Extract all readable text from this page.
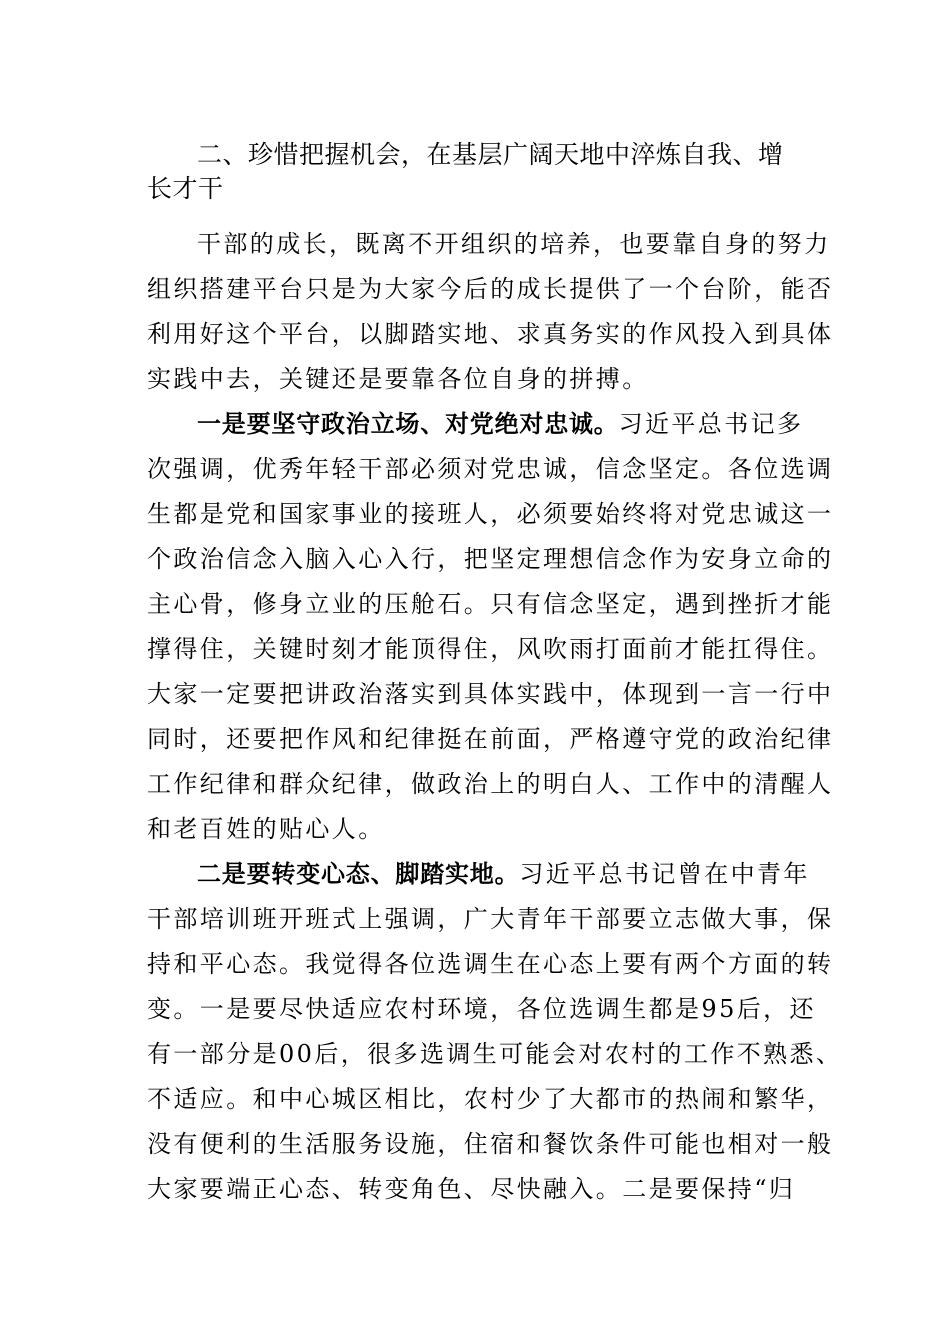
二、珍惜把握机会，在基层广阔天地中淬炼自我、增长才干

干部的成长，既离不开组织的培养，也要靠自身的努力

组织搭建平台只是为大家今后的成长提供了一个台阶，能否

利用好这个平台，以脚踏实地、求真务实的作风投入到具体

实践中去，关键还是要靠各位自身的拼搏。

一是要坚守政治立场、对党绝对忠诚。习近平总书记多

次强调，优秀年轻干部必须对党忠诚，信念坚定。各位选调

生都是党和国家事业的接班人，必须要始终将对党忠诚这一

个政治信念入脑入心入行，把坚定理想信念作为安身立命的

主心骨，修身立业的压舱石。只有信念坚定，遇到挫折才能

撑得住，关键时刻才能顶得住，风吹雨打面前才能扛得住。

大家一定要把讲政治落实到具体实践中，体现到一言一行中

同时，还要把作风和纪律挺在前面，严格遵守党的政治纪律

工作纪律和群众纪律，做政治上的明白人、工作中的清醒人

和老百姓的贴心人。

二是要转变心态、脚踏实地。习近平总书记曾在中青年

干部培训班开班式上强调，广大青年干部要立志做大事，保

持和平心态。我觉得各位选调生在心态上要有两个方面的转

变。一是要尽快适应农村环境，各位选调生都是95后，还

有一部分是00后，很多选调生可能会对农村的工作不熟悉、

不适应。和中心城区相比，农村少了大都市的热闹和繁华，

没有便利的生活服务设施，住宿和餐饮条件可能也相对一般

大家要端正心态、转变角色、尽快融入。二是要保持“归
